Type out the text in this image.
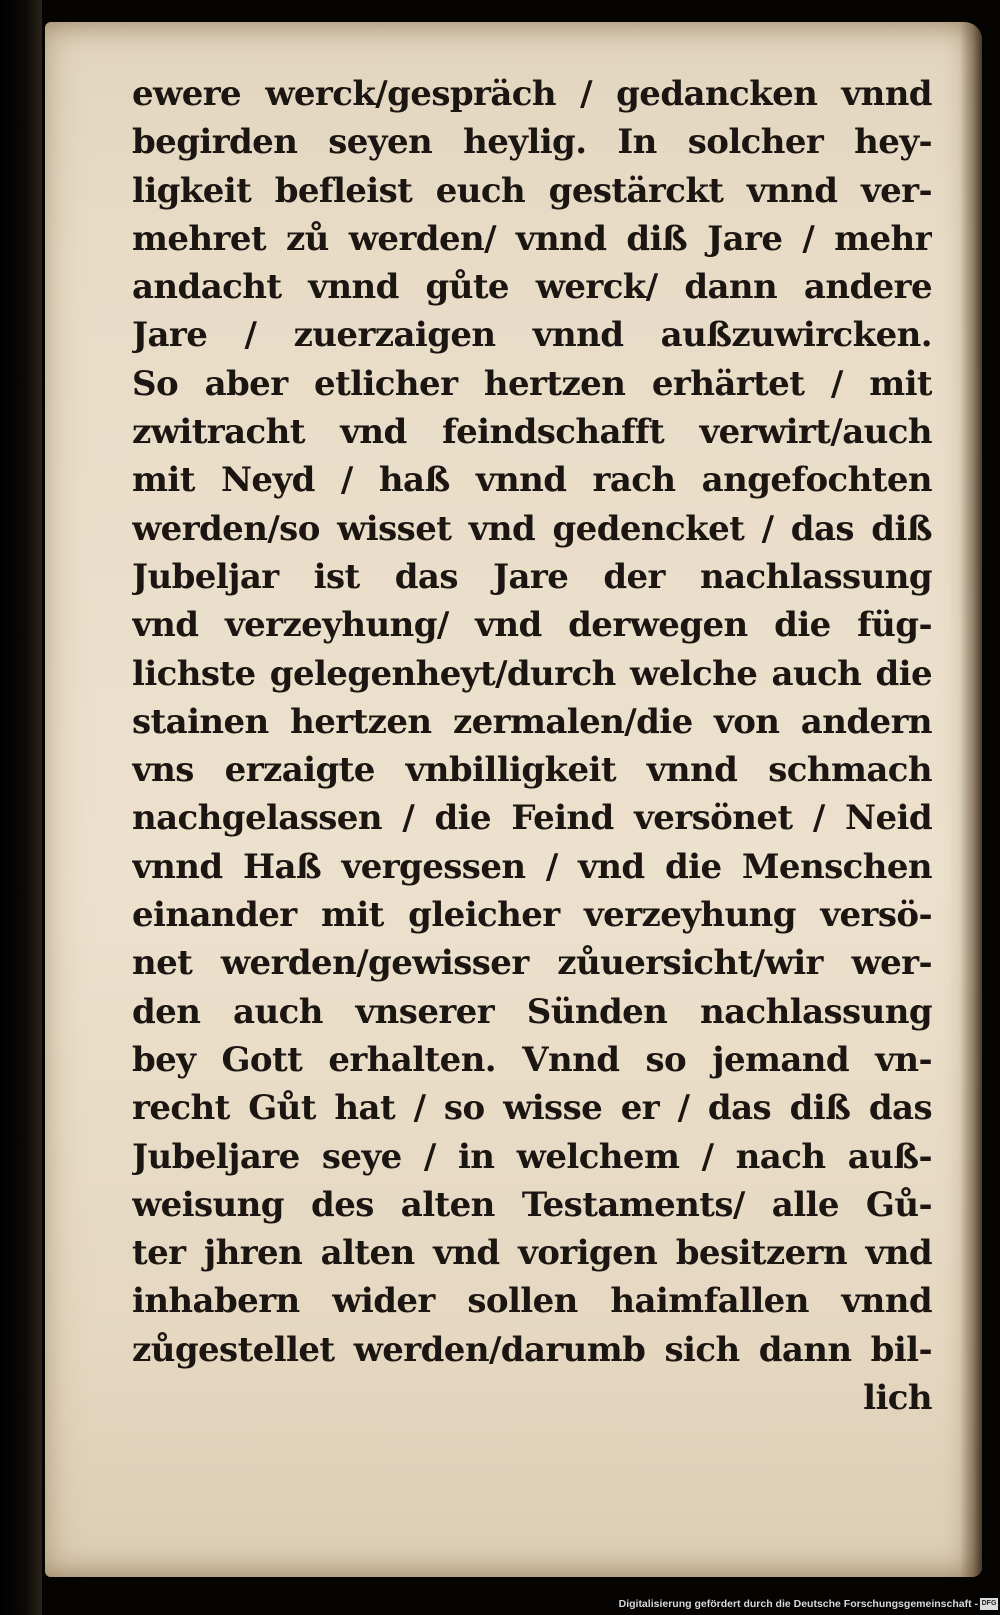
ewere werck/gespräch / gedancken vnnd
begirden seyen heylig. In solcher hey-
ligkeit befleist euch gestärckt vnnd ver-
mehret zů werden/ vnnd diß Jare / mehr
andacht vnnd gůte werck/ dann andere
Jare / zuerzaigen vnnd außzuwircken.
So aber etlicher hertzen erhärtet / mit
zwitracht vnd feindschafft verwirt/auch
mit Neyd / haß vnnd rach angefochten
werden/so wisset vnd gedencket / das diß
Jubeljar ist das Jare der nachlassung
vnd verzeyhung/ vnd derwegen die füg-
lichste gelegenheyt/durch welche auch die
stainen hertzen zermalen/die von andern
vns erzaigte vnbilligkeit vnnd schmach
nachgelassen / die Feind versönet / Neid
vnnd Haß vergessen / vnd die Menschen
einander mit gleicher verzeyhung versö-
net werden/gewisser zůuersicht/wir wer-
den auch vnserer Sünden nachlassung
bey Gott erhalten. Vnnd so jemand vn-
recht Gůt hat / so wisse er / das diß das
Jubeljare seye / in welchem / nach auß-
weisung des alten Testaments/ alle Gů-
ter jhren alten vnd vorigen besitzern vnd
inhabern wider sollen haimfallen vnnd
zůgestellet werden/darumb sich dann bil-
lich
Digitalisierung gefördert durch die Deutsche Forschungsgemeinschaft - DFG
